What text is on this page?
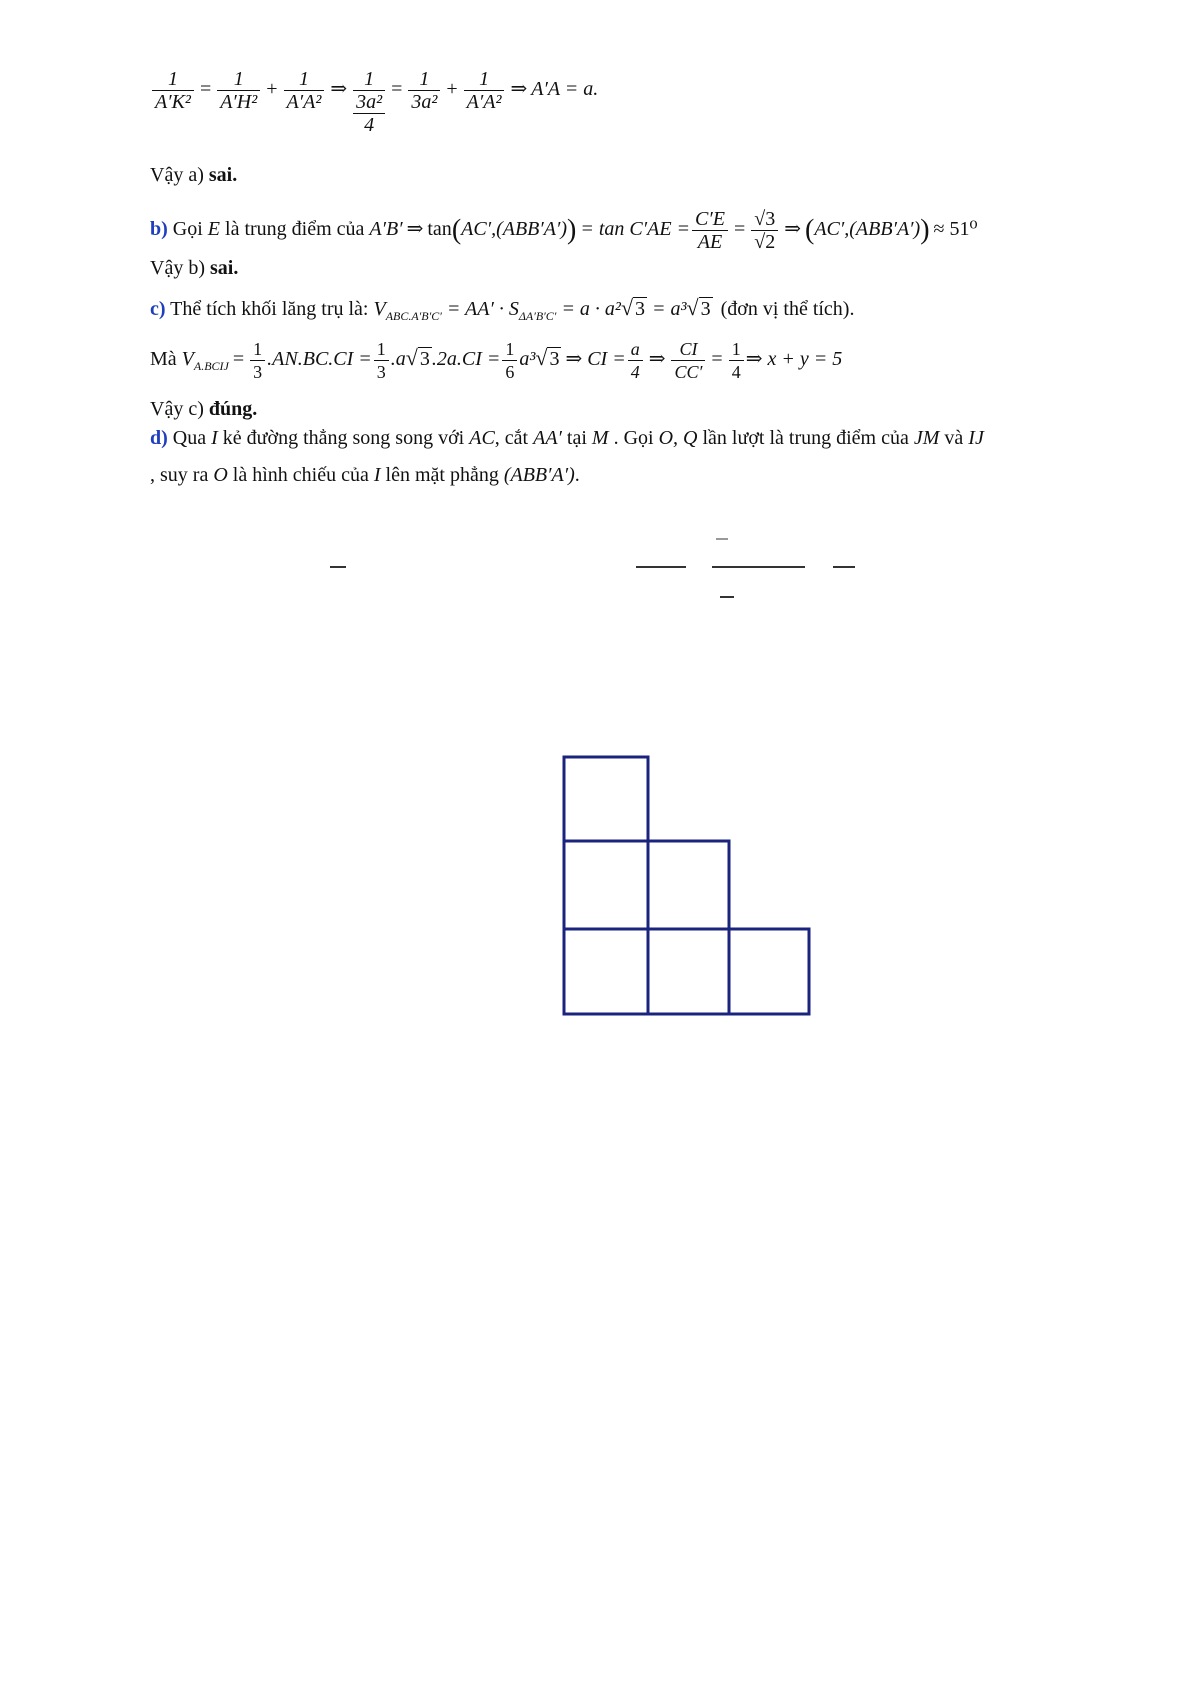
$\frac{1}{\text{A′K²}} = \frac{1}{\text{A′H²}} + \frac{1}{\text{A′A²}}$ ⇒ 1
3a²
4
= $\frac{1}{\text{3a²}} + \frac{1}{\text{A′A²}}$ ⇒ A′A = a.
Vậy a) sai.
b) Gọi E là trung điểm của A′B′ ⇒ $\tan(AC',(ABB'A')) = \tan C'AE = \frac{C'E}{AE} = \frac{√3}{√2}$ ⇒ (AC′,(ABB′A′)) ≈ 51⁰
Vậy b) sai.
c) Thể tích khối lăng trụ là: $V_{ABC.A'B'C'} = AA' \cdot S_{\Delta A'B'C'} = a \cdot a^2√$ 3 = a³√ 3 (đơn vị thể tích).
Mà $V_{A.BCIJ} = \frac{1}{3} .AN.BC.CI = \frac{1}{3} .a√$ 3 $.2a.CI = \frac{1}{6} a^3√$ 3 ⇒ CI = $\frac{a}{4}$ ⇒ $\frac{CI}{CC'} = \frac{1}{4}$ ⇒ x + y = 5
Vậy c) đúng.
d) Qua I kẻ đường thẳng song song với AC, cắt AA′ tại M . Gọi O, Q lần lượt là trung điểm của JM và IJ
, suy ra O là hình chiếu của I lên mặt phẳng (ABB′A′).
